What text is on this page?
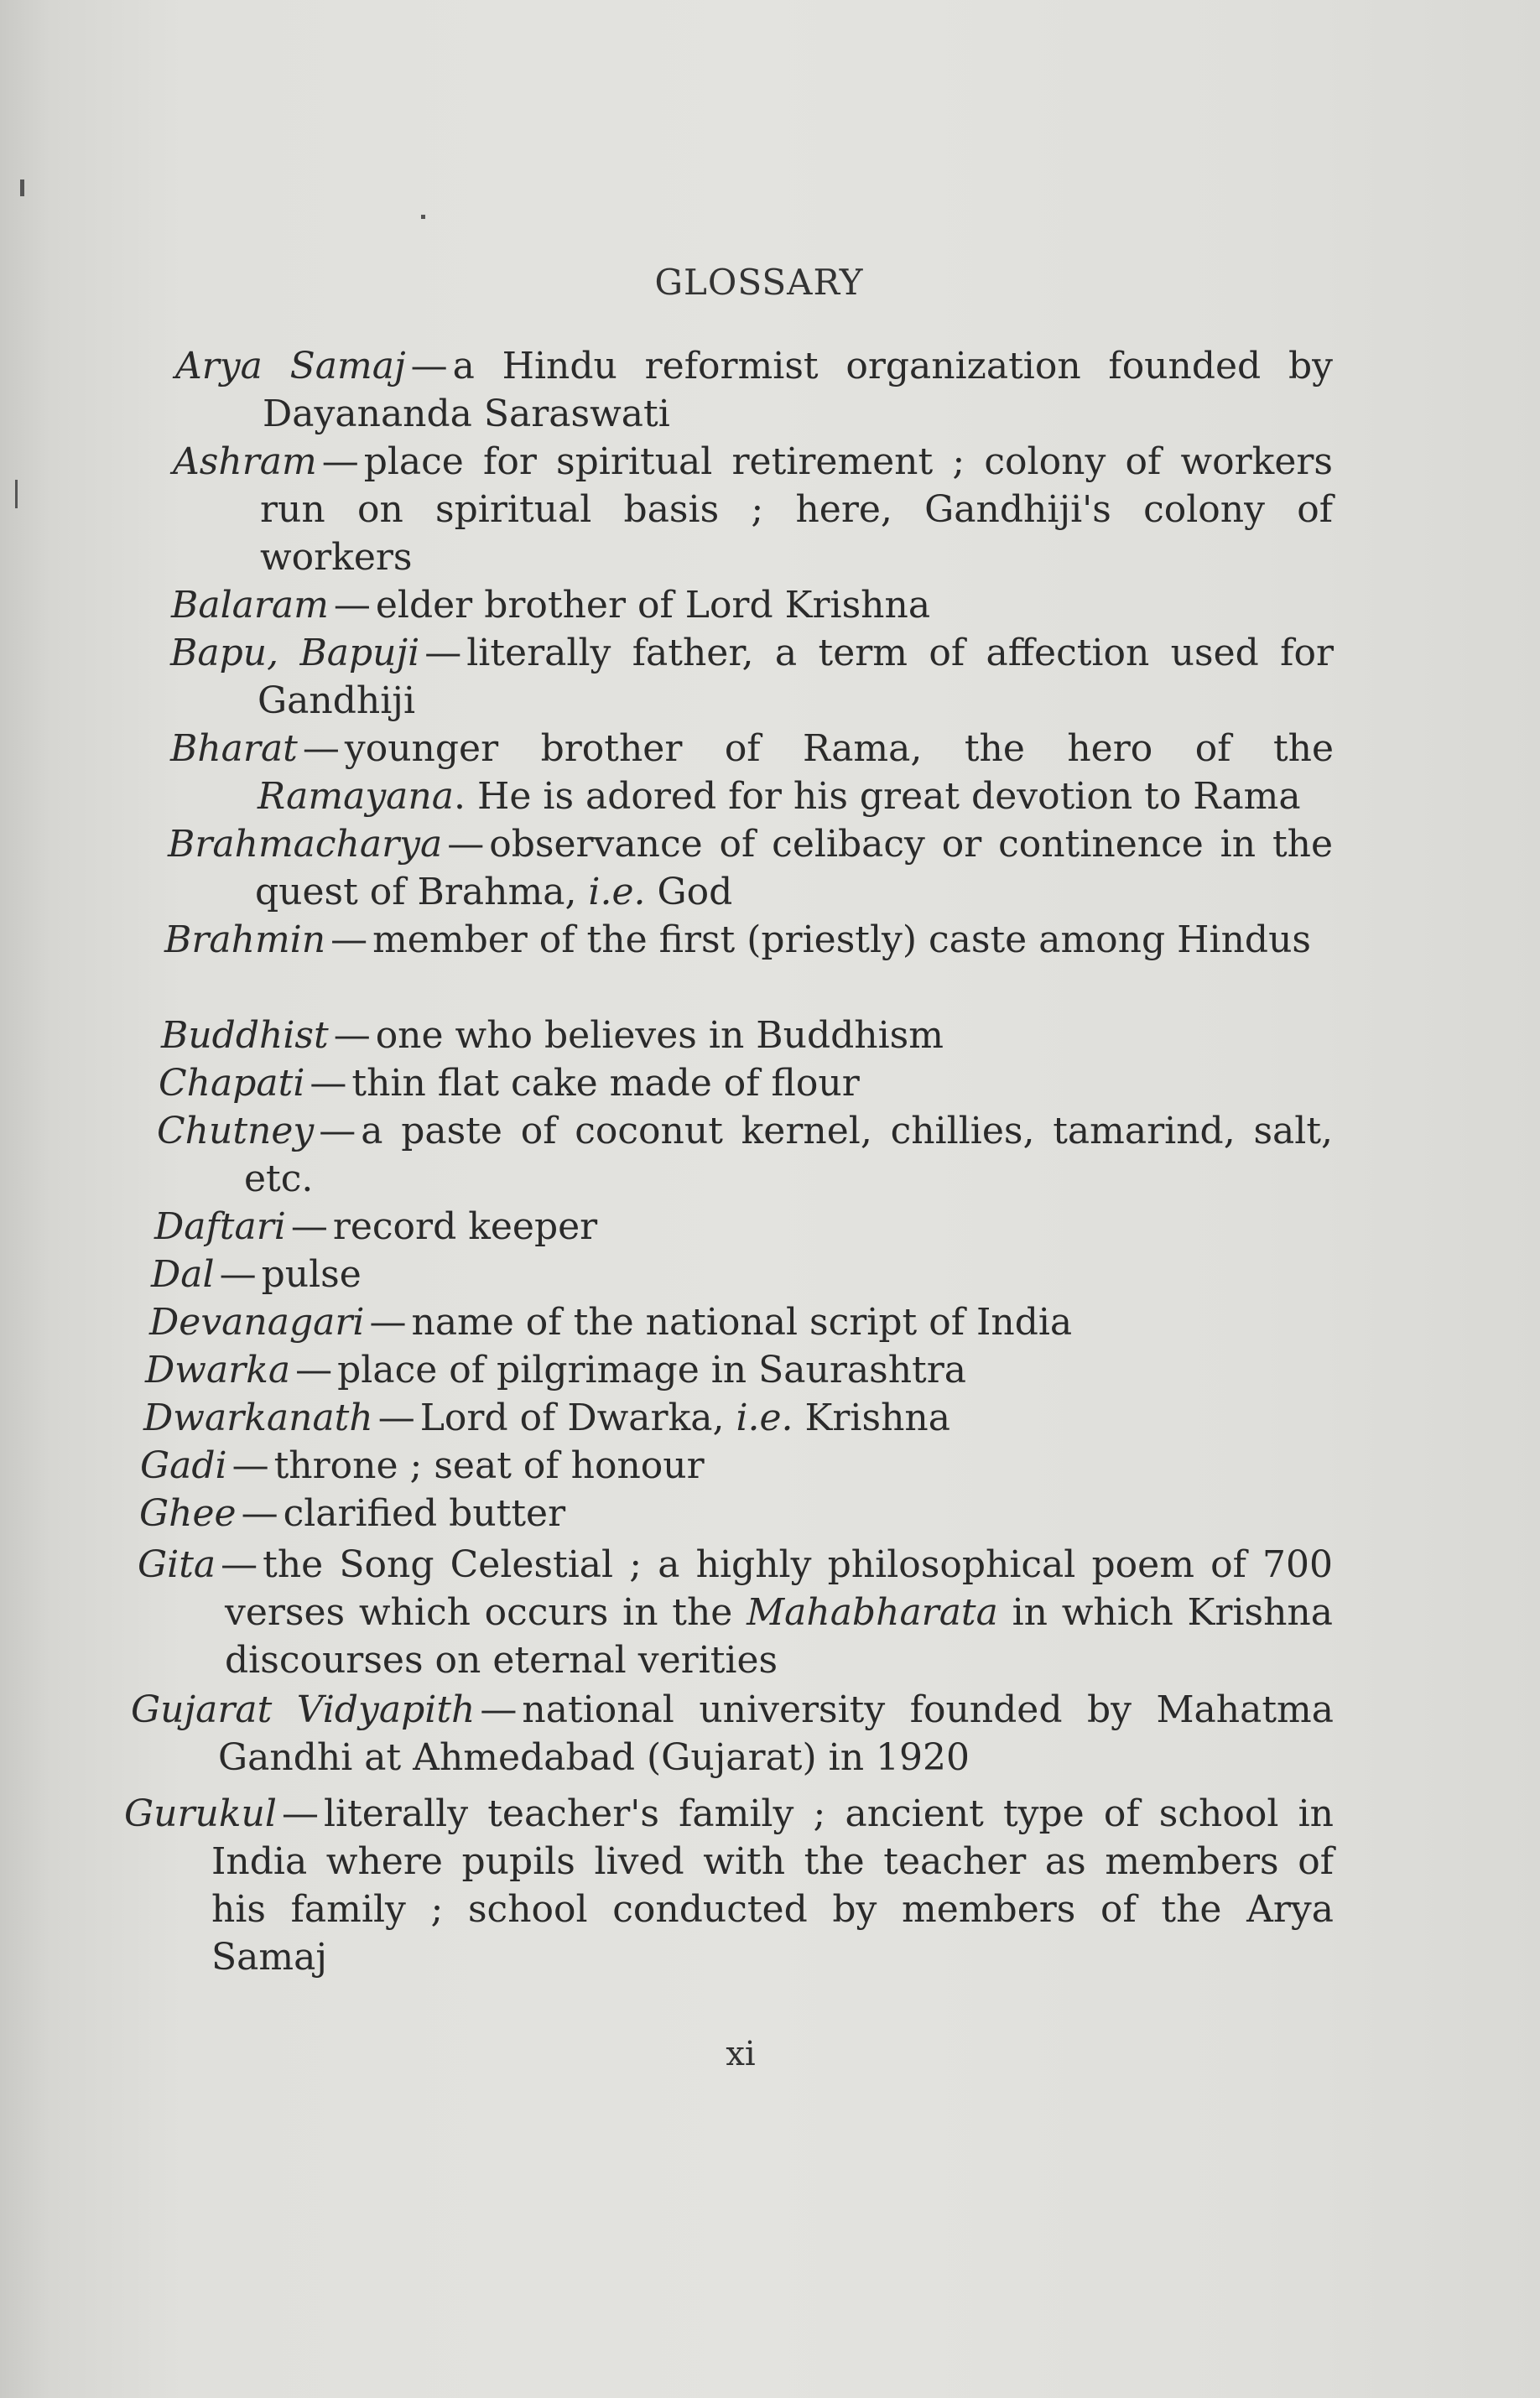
GLOSSARY
Arya Samaj — a Hindu reformist organization founded by Dayananda Saraswati
Ashram — place for spiritual retirement ; colony of workers run on spiritual basis ; here, Gandhiji's colony of workers
Balaram — elder brother of Lord Krishna
Bapu, Bapuji — literally father, a term of affection used for Gandhiji
Bharat — younger brother of Rama, the hero of the Ramayana. He is adored for his great devotion to Rama
Brahmacharya — observance of celibacy or continence in the quest of Brahma, i.e. God
Brahmin — member of the first (priestly) caste among Hindus
Buddhist — one who believes in Buddhism
Chapati — thin flat cake made of flour
Chutney — a paste of coconut kernel, chillies, tamarind, salt, etc.
Daftari — record keeper
Dal — pulse
Devanagari — name of the national script of India
Dwarka — place of pilgrimage in Saurashtra
Dwarkanath — Lord of Dwarka, i.e. Krishna
Gadi — throne ; seat of honour
Ghee — clarified butter
Gita — the Song Celestial ; a highly philosophical poem of 700 verses which occurs in the Mahabharata in which Krishna discourses on eternal verities
Gujarat Vidyapith — national university founded by Mahatma Gandhi at Ahmedabad (Gujarat) in 1920
Gurukul — literally teacher's family ; ancient type of school in India where pupils lived with the teacher as members of his family ; school conducted by members of the Arya Samaj
xi
